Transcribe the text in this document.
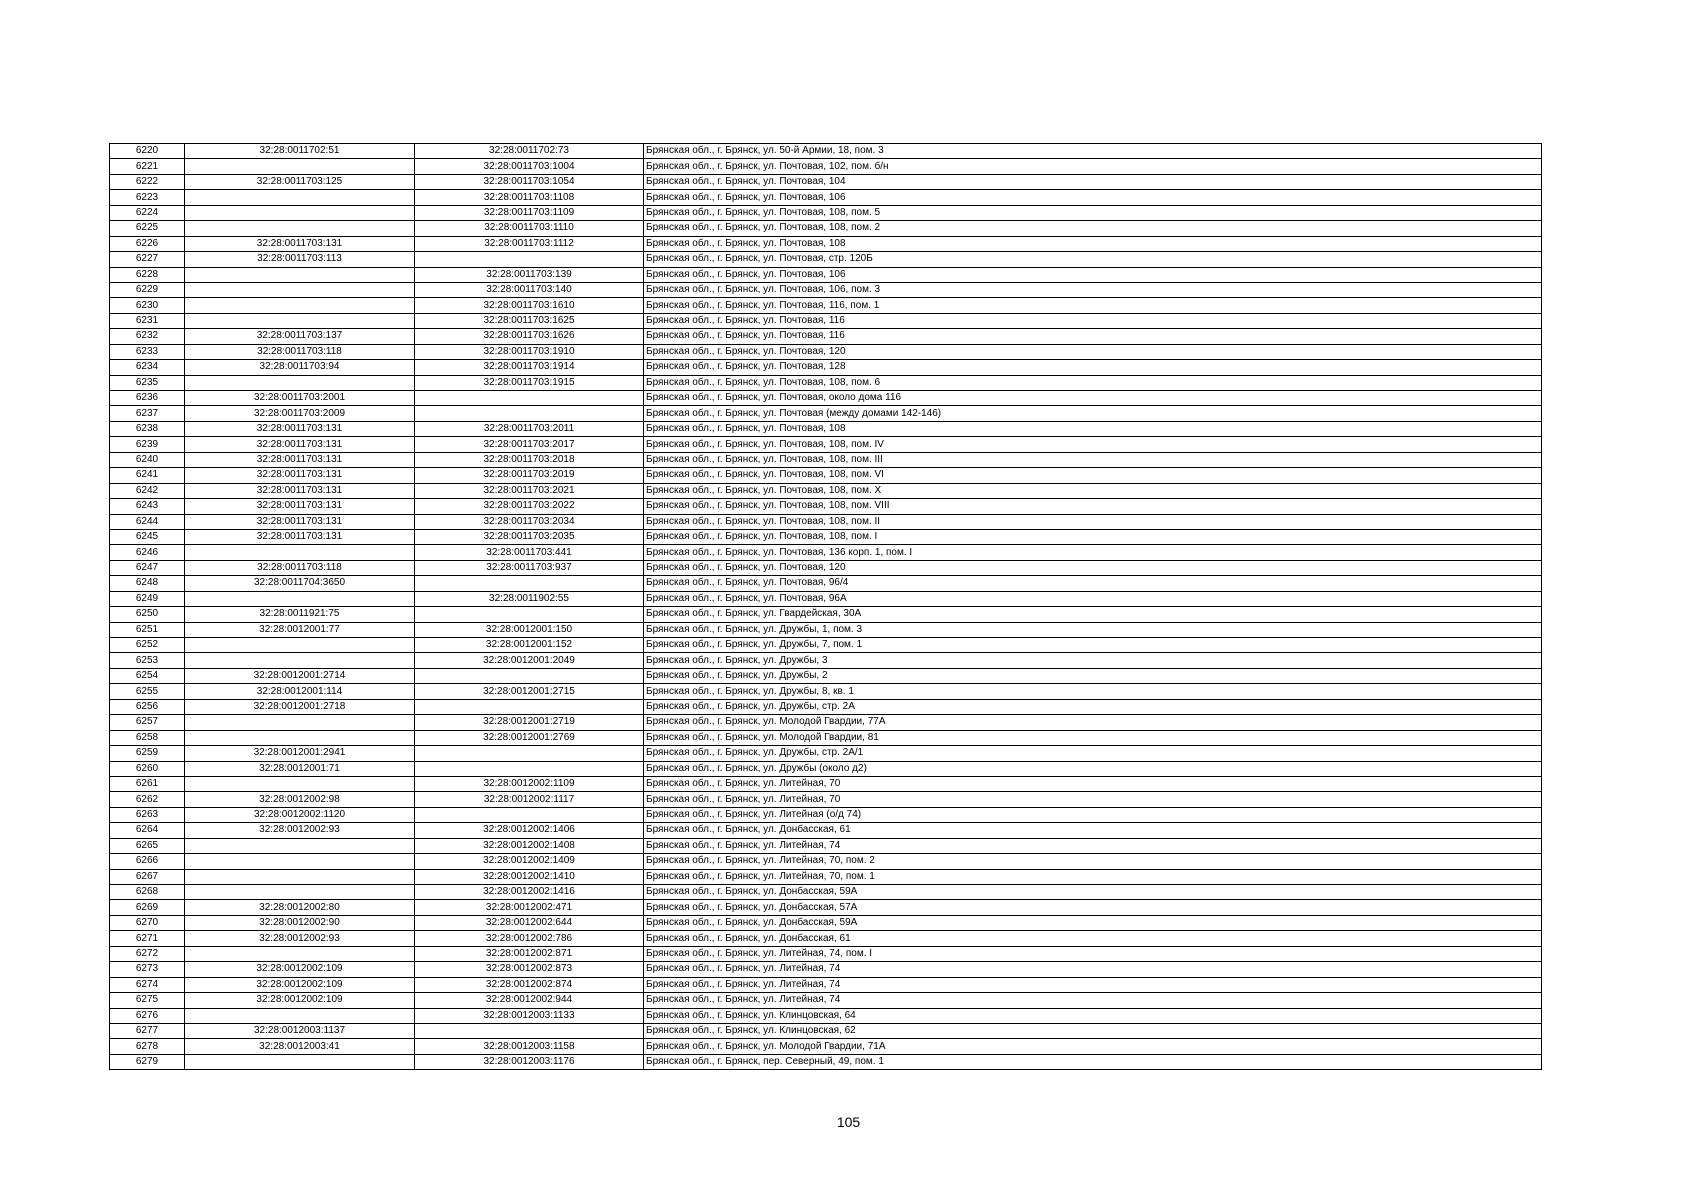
6220	32:28:0011702:51	32:28:0011702:73	Брянская обл., г. Брянск, ул. 50-й Армии, 18, пом. 3
6221		32:28:0011703:1004	Брянская обл., г. Брянск, ул. Почтовая, 102, пом. б/н
6222	32:28:0011703:125	32:28:0011703:1054	Брянская обл., г. Брянск, ул. Почтовая, 104
6223		32:28:0011703:1108	Брянская обл., г. Брянск, ул. Почтовая, 106
6224		32:28:0011703:1109	Брянская обл., г. Брянск, ул. Почтовая, 108, пом. 5
6225		32:28:0011703:1110	Брянская обл., г. Брянск, ул. Почтовая, 108, пом. 2
6226	32:28:0011703:131	32:28:0011703:1112	Брянская обл., г. Брянск, ул. Почтовая, 108
6227	32:28:0011703:113		Брянская обл., г. Брянск, ул. Почтовая, стр. 120Б
6228		32:28:0011703:139	Брянская обл., г. Брянск, ул. Почтовая, 106
6229		32:28:0011703:140	Брянская обл., г. Брянск, ул. Почтовая, 106, пом. 3
6230		32:28:0011703:1610	Брянская обл., г. Брянск, ул. Почтовая, 116, пом. 1
6231		32:28:0011703:1625	Брянская обл., г. Брянск, ул. Почтовая, 116
6232	32:28:0011703:137	32:28:0011703:1626	Брянская обл., г. Брянск, ул. Почтовая, 116
6233	32:28:0011703:118	32:28:0011703:1910	Брянская обл., г. Брянск, ул. Почтовая, 120
6234	32:28:0011703:94	32:28:0011703:1914	Брянская обл., г. Брянск, ул. Почтовая, 128
6235		32:28:0011703:1915	Брянская обл., г. Брянск, ул. Почтовая, 108, пом. 6
6236	32:28:0011703:2001		Брянская обл., г. Брянск, ул. Почтовая, около дома 116
6237	32:28:0011703:2009		Брянская обл., г. Брянск, ул. Почтовая (между домами 142-146)
6238	32:28:0011703:131	32:28:0011703:2011	Брянская обл., г. Брянск, ул. Почтовая, 108
6239	32:28:0011703:131	32:28:0011703:2017	Брянская обл., г. Брянск, ул. Почтовая, 108, пом. IV
6240	32:28:0011703:131	32:28:0011703:2018	Брянская обл., г. Брянск, ул. Почтовая, 108, пом. III
6241	32:28:0011703:131	32:28:0011703:2019	Брянская обл., г. Брянск, ул. Почтовая, 108, пом. VI
6242	32:28:0011703:131	32:28:0011703:2021	Брянская обл., г. Брянск, ул. Почтовая, 108, пом. X
6243	32:28:0011703:131	32:28:0011703:2022	Брянская обл., г. Брянск, ул. Почтовая, 108, пом. VIII
6244	32:28:0011703:131	32:28:0011703:2034	Брянская обл., г. Брянск, ул. Почтовая, 108, пом. II
6245	32:28:0011703:131	32:28:0011703:2035	Брянская обл., г. Брянск, ул. Почтовая, 108, пом. I
6246		32:28:0011703:441	Брянская обл., г. Брянск, ул. Почтовая, 136 корп. 1, пом. I
6247	32:28:0011703:118	32:28:0011703:937	Брянская обл., г. Брянск, ул. Почтовая, 120
6248	32:28:0011704:3650		Брянская обл., г. Брянск, ул. Почтовая, 96/4
6249		32:28:0011902:55	Брянская обл., г. Брянск, ул. Почтовая, 96А
6250	32:28:0011921:75		Брянская обл., г. Брянск, ул. Гвардейская, 30А
6251	32:28:0012001:77	32:28:0012001:150	Брянская обл., г. Брянск, ул. Дружбы, 1, пом. 3
6252		32:28:0012001:152	Брянская обл., г. Брянск, ул. Дружбы, 7, пом. 1
6253		32:28:0012001:2049	Брянская обл., г. Брянск, ул. Дружбы, 3
6254	32:28:0012001:2714		Брянская обл., г. Брянск, ул. Дружбы, 2
6255	32:28:0012001:114	32:28:0012001:2715	Брянская обл., г. Брянск, ул. Дружбы, 8, кв. 1
6256	32:28:0012001:2718		Брянская обл., г. Брянск, ул. Дружбы, стр. 2А
6257		32:28:0012001:2719	Брянская обл., г. Брянск, ул. Молодой Гвардии, 77А
6258		32:28:0012001:2769	Брянская обл., г. Брянск, ул. Молодой Гвардии, 81
6259	32:28:0012001:2941		Брянская обл., г. Брянск, ул. Дружбы, стр. 2А/1
6260	32:28:0012001:71		Брянская обл., г. Брянск, ул. Дружбы (около д2)
6261		32:28:0012002:1109	Брянская обл., г. Брянск, ул. Литейная, 70
6262	32:28:0012002:98	32:28:0012002:1117	Брянская обл., г. Брянск, ул. Литейная, 70
6263	32:28:0012002:1120		Брянская обл., г. Брянск, ул. Литейная (о/д 74)
6264	32:28:0012002:93	32:28:0012002:1406	Брянская обл., г. Брянск, ул. Донбасская, 61
6265		32:28:0012002:1408	Брянская обл., г. Брянск, ул. Литейная, 74
6266		32:28:0012002:1409	Брянская обл., г. Брянск, ул. Литейная, 70, пом. 2
6267		32:28:0012002:1410	Брянская обл., г. Брянск, ул. Литейная, 70, пом. 1
6268		32:28:0012002:1416	Брянская обл., г. Брянск, ул. Донбасская, 59А
6269	32:28:0012002:80	32:28:0012002:471	Брянская обл., г. Брянск, ул. Донбасская, 57А
6270	32:28:0012002:90	32:28:0012002:644	Брянская обл., г. Брянск, ул. Донбасская, 59А
6271	32:28:0012002:93	32:28:0012002:786	Брянская обл., г. Брянск, ул. Донбасская, 61
6272		32:28:0012002:871	Брянская обл., г. Брянск, ул. Литейная, 74, пом. I
6273	32:28:0012002:109	32:28:0012002:873	Брянская обл., г. Брянск, ул. Литейная, 74
6274	32:28:0012002:109	32:28:0012002:874	Брянская обл., г. Брянск, ул. Литейная, 74
6275	32:28:0012002:109	32:28:0012002:944	Брянская обл., г. Брянск, ул. Литейная, 74
6276		32:28:0012003:1133	Брянская обл., г. Брянск, ул. Клинцовская, 64
6277	32:28:0012003:1137		Брянская обл., г. Брянск, ул. Клинцовская, 62
6278	32:28:0012003:41	32:28:0012003:1158	Брянская обл., г. Брянск, ул. Молодой Гвардии, 71А
6279		32:28:0012003:1176	Брянская обл., г. Брянск, пер. Северный, 49, пом. 1
105
